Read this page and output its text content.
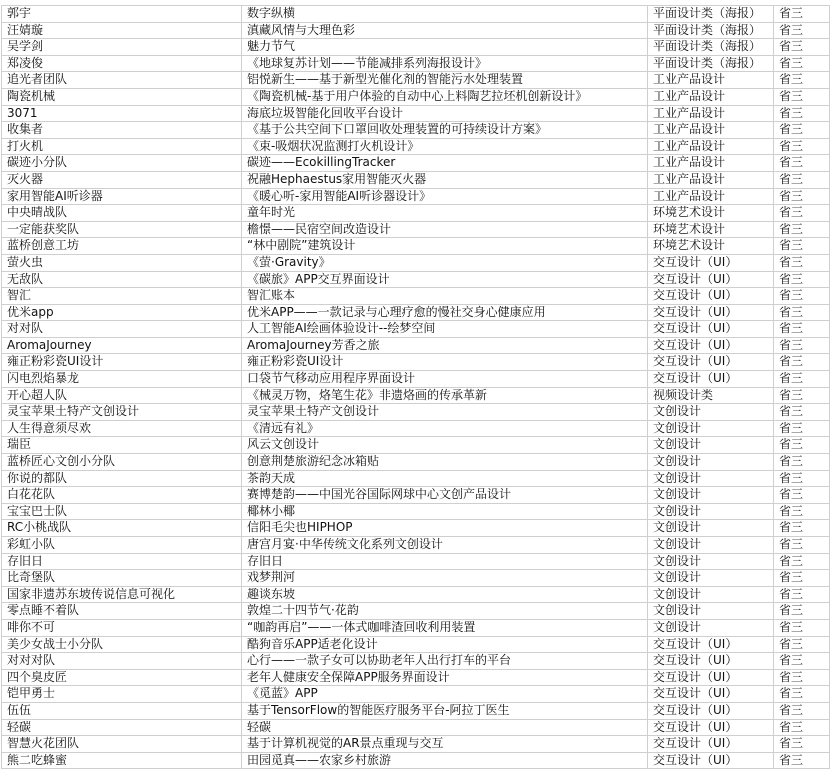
郭宇	数字纵横	平面设计类（海报）	省三
汪婧璇	滇藏风情与大理色彩	平面设计类（海报）	省三
吴学剑	魅力节气	平面设计类（海报）	省三
郑凌俊	《地球复苏计划——节能减排系列海报设计》	平面设计类（海报）	省三
追光者团队	铝悦新生——基于新型光催化剂的智能污水处理装置	工业产品设计	省三
陶瓷机械	《陶瓷机械-基于用户体验的自动中心上料陶艺拉坯机创新设计》	工业产品设计	省三
3071	海底垃圾智能化回收平台设计	工业产品设计	省三
收集者	《基于公共空间下口罩回收处理装置的可持续设计方案》	工业产品设计	省三
打火机	《束-吸烟状况监测打火机设计》	工业产品设计	省三
碳迹小分队	碳迹——EcokillingTracker	工业产品设计	省三
灭火器	祝融Hephaestus家用智能灭火器	工业产品设计	省三
家用智能AI听诊器	《暖心听-家用智能AI听诊器设计》	工业产品设计	省三
中央晴战队	童年时光	环境艺术设计	省三
一定能获奖队	檐憬——民宿空间改造设计	环境艺术设计	省三
蓝桥创意工坊	“林中剧院”建筑设计	环境艺术设计	省三
萤火虫	《萤·Gravity》	交互设计（UI）	省三
无敌队	《碳旅》APP交互界面设计	交互设计（UI）	省三
智汇	智汇账本	交互设计（UI）	省三
优米app	优米APP——一款记录与心理疗愈的慢社交身心健康应用	交互设计（UI）	省三
对对队	人工智能AI绘画体验设计--绘梦空间	交互设计（UI）	省三
AromaJourney	AromaJourney芳香之旅	交互设计（UI）	省三
雍正粉彩瓷UI设计	雍正粉彩瓷UI设计	交互设计（UI）	省三
闪电烈焰暴龙	口袋节气移动应用程序界面设计	交互设计（UI）	省三
开心超人队	《械灵万物，烙笔生花》非遗烙画的传承革新	视频设计类	省三
灵宝苹果土特产文创设计	灵宝苹果土特产文创设计	文创设计	省三
人生得意须尽欢	《清远有礼》	文创设计	省三
瑞臣	风云文创设计	文创设计	省三
蓝桥匠心文创小分队	创意荆楚旅游纪念冰箱贴	文创设计	省三
你说的都队	茶韵天成	文创设计	省三
白花花队	赛博楚韵——中国光谷国际网球中心文创产品设计	文创设计	省三
宝宝巴士队	椰林小椰	文创设计	省三
RC小桃战队	信阳毛尖也HIPHOP	文创设计	省三
彩虹小队	唐宫月宴·中华传统文化系列文创设计	文创设计	省三
存旧日	存旧日	文创设计	省三
比奇堡队	戏梦荆河	文创设计	省三
国家非遗苏东坡传说信息可视化	趣谈东坡	文创设计	省三
零点睡不着队	敦煌二十四节气·花韵	文创设计	省三
啡你不可	“咖韵再启”——一体式咖啡渣回收利用装置	文创设计	省三
美少女战士小分队	酷狗音乐APP适老化设计	交互设计（UI）	省三
对对对队	心行——一款子女可以协助老年人出行打车的平台	交互设计（UI）	省三
四个臭皮匠	老年人健康安全保障APP服务界面设计	交互设计（UI）	省三
铠甲勇士	《觅蓝》APP	交互设计（UI）	省三
伍伍	基于TensorFlow的智能医疗服务平台-阿拉丁医生	交互设计（UI）	省三
轻碳	轻碳	交互设计（UI）	省三
智慧火花团队	基于计算机视觉的AR景点重现与交互	交互设计（UI）	省三
熊二吃蜂蜜	田园觅真——农家乡村旅游	交互设计（UI）	省三
